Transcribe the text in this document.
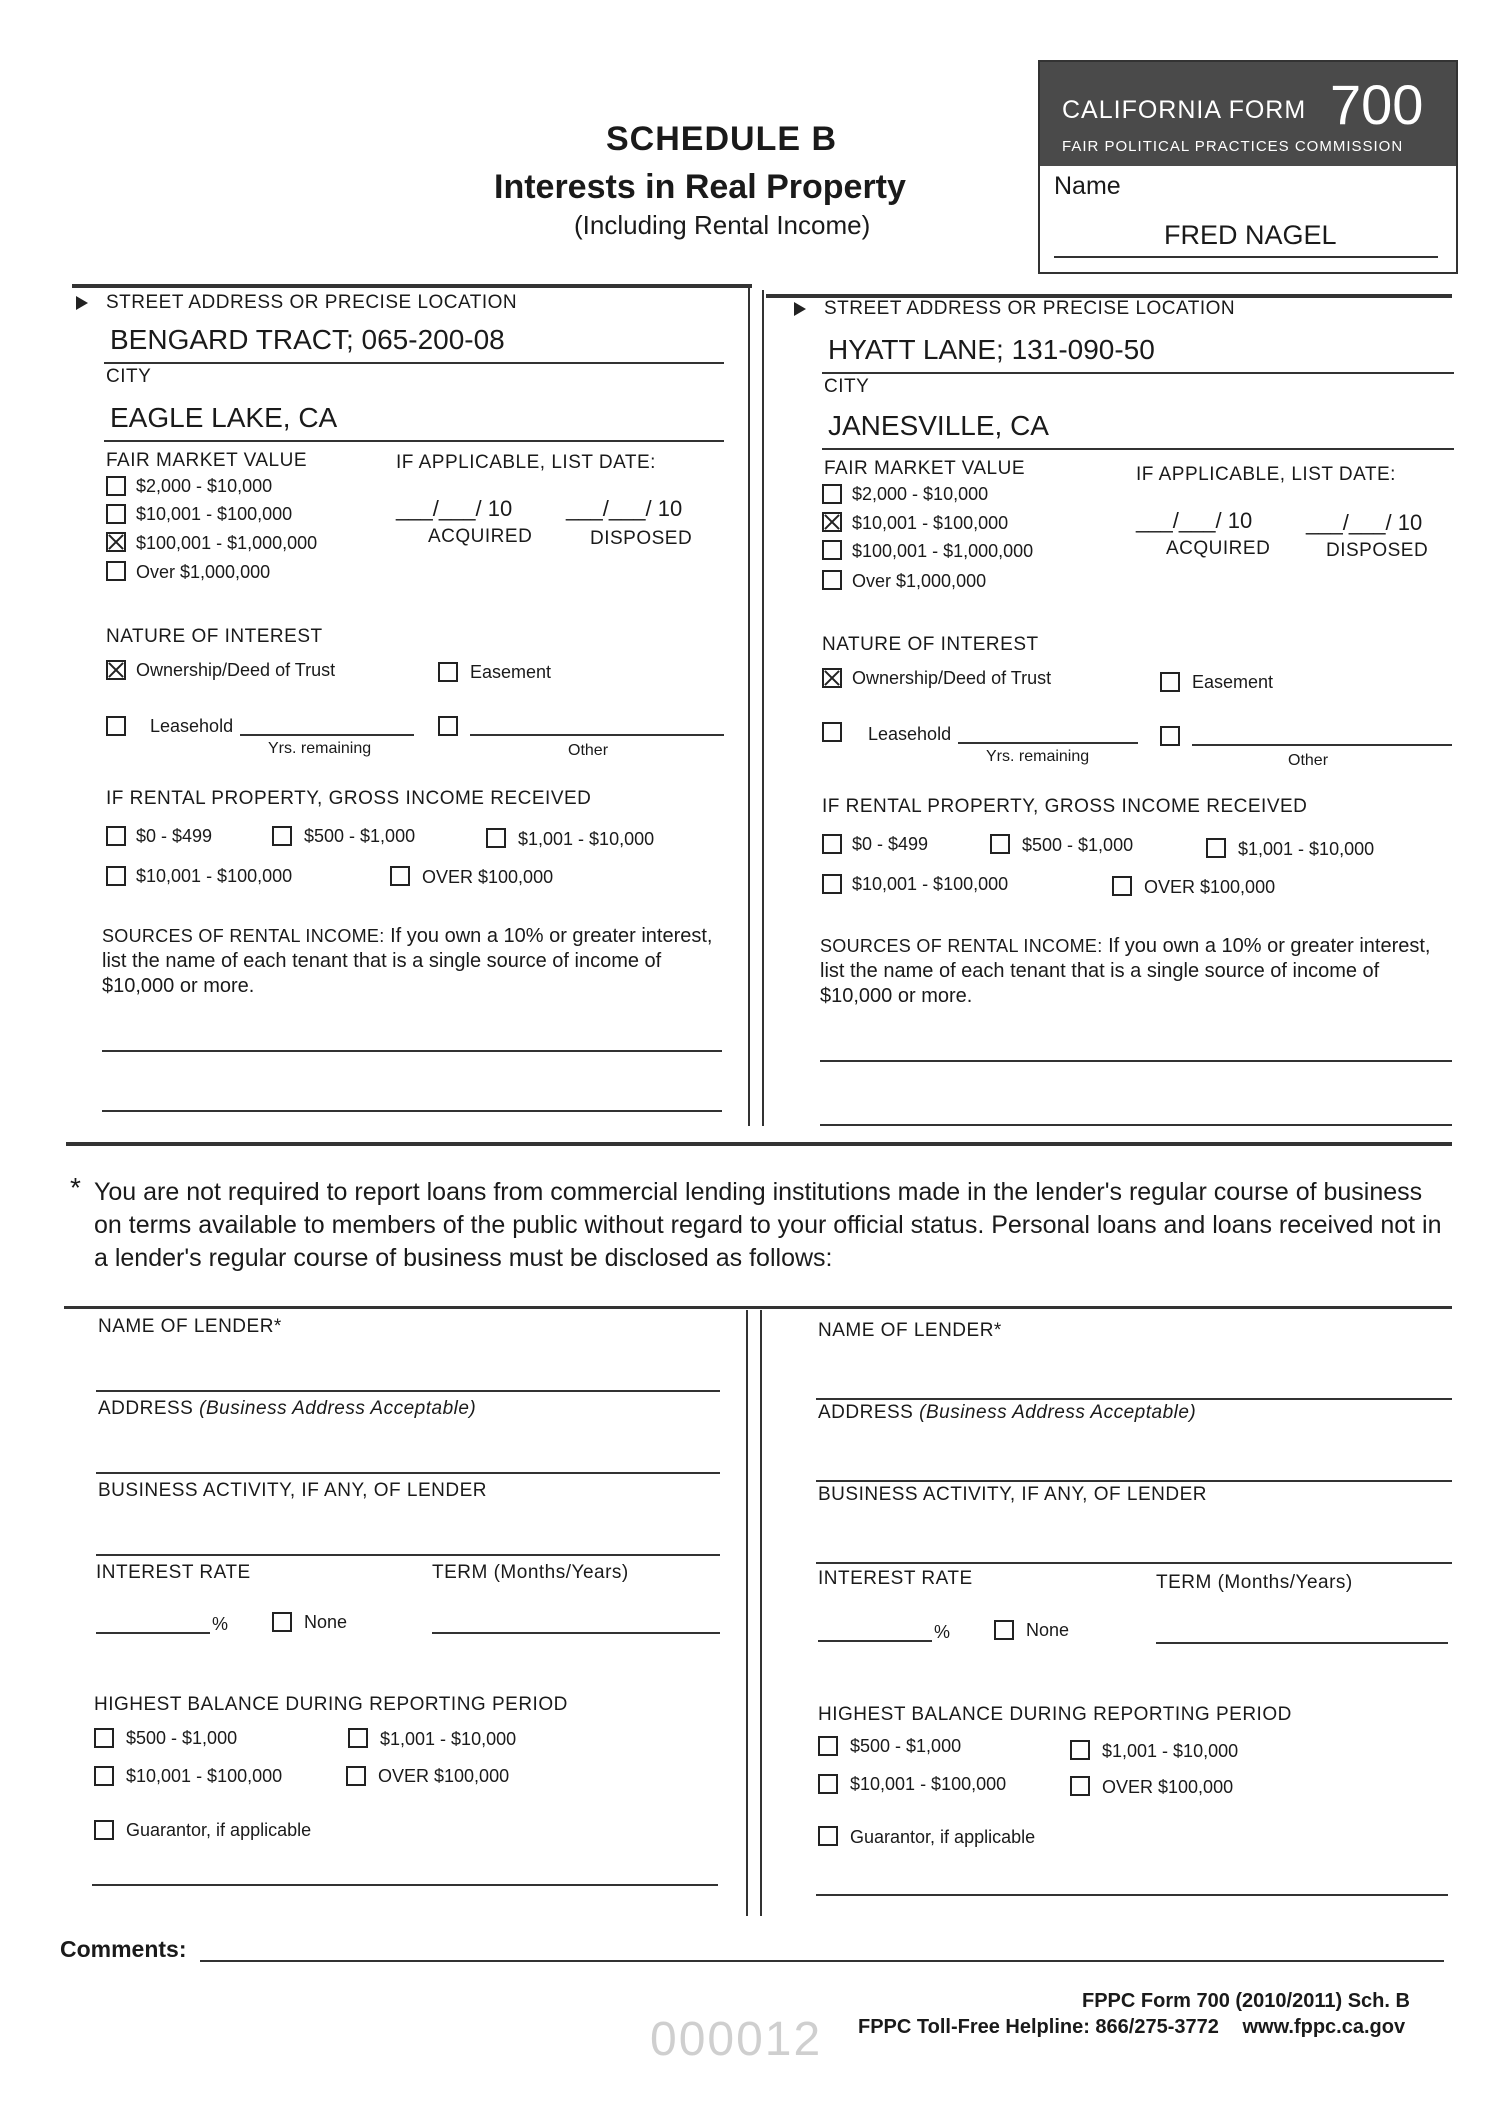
SCHEDULE B
Interests in Real Property
(Including Rental Income)
CALIFORNIA FORM 700
FAIR POLITICAL PRACTICES COMMISSION
Name
FRED NAGEL
STREET ADDRESS OR PRECISE LOCATION
BENGARD TRACT; 065-200-08
CITY
EAGLE LAKE, CA
FAIR MARKET VALUE
$2,000 - $10,000
$10,001 - $100,000
$100,001 - $1,000,000
Over $1,000,000
IF APPLICABLE, LIST DATE:
___/___/ 10
ACQUIRED
___/___/ 10
DISPOSED
NATURE OF INTEREST
Ownership/Deed of Trust	Easement
Leasehold
Yrs. remaining	Other
IF RENTAL PROPERTY, GROSS INCOME RECEIVED
$0 - $499	$500 - $1,000	$1,001 - $10,000
$10,001 - $100,000	OVER $100,000
SOURCES OF RENTAL INCOME: If you own a 10% or greater interest, list the name of each tenant that is a single source of income of $10,000 or more.
STREET ADDRESS OR PRECISE LOCATION
HYATT LANE; 131-090-50
CITY
JANESVILLE, CA
FAIR MARKET VALUE
$2,000 - $10,000
$10,001 - $100,000
$100,001 - $1,000,000
Over $1,000,000
IF APPLICABLE, LIST DATE:
___/___/ 10
ACQUIRED
___/___/ 10
DISPOSED
NATURE OF INTEREST
Ownership/Deed of Trust	Easement
Leasehold
Yrs. remaining	Other
IF RENTAL PROPERTY, GROSS INCOME RECEIVED
$0 - $499	$500 - $1,000	$1,001 - $10,000
$10,001 - $100,000	OVER $100,000
SOURCES OF RENTAL INCOME: If you own a 10% or greater interest, list the name of each tenant that is a single source of income of $10,000 or more.
* You are not required to report loans from commercial lending institutions made in the lender's regular course of business on terms available to members of the public without regard to your official status. Personal loans and loans received not in a lender's regular course of business must be disclosed as follows:
NAME OF LENDER*
ADDRESS (Business Address Acceptable)
BUSINESS ACTIVITY, IF ANY, OF LENDER
INTEREST RATE	TERM (Months/Years)
%	None
HIGHEST BALANCE DURING REPORTING PERIOD
$500 - $1,000	$1,001 - $10,000
$10,001 - $100,000	OVER $100,000
Guarantor, if applicable
NAME OF LENDER*
ADDRESS (Business Address Acceptable)
BUSINESS ACTIVITY, IF ANY, OF LENDER
INTEREST RATE	TERM (Months/Years)
%	None
HIGHEST BALANCE DURING REPORTING PERIOD
$500 - $1,000	$1,001 - $10,000
$10,001 - $100,000	OVER $100,000
Guarantor, if applicable
Comments:
FPPC Form 700 (2010/2011) Sch. B
FPPC Toll-Free Helpline: 866/275-3772 www.fppc.ca.gov
000012
